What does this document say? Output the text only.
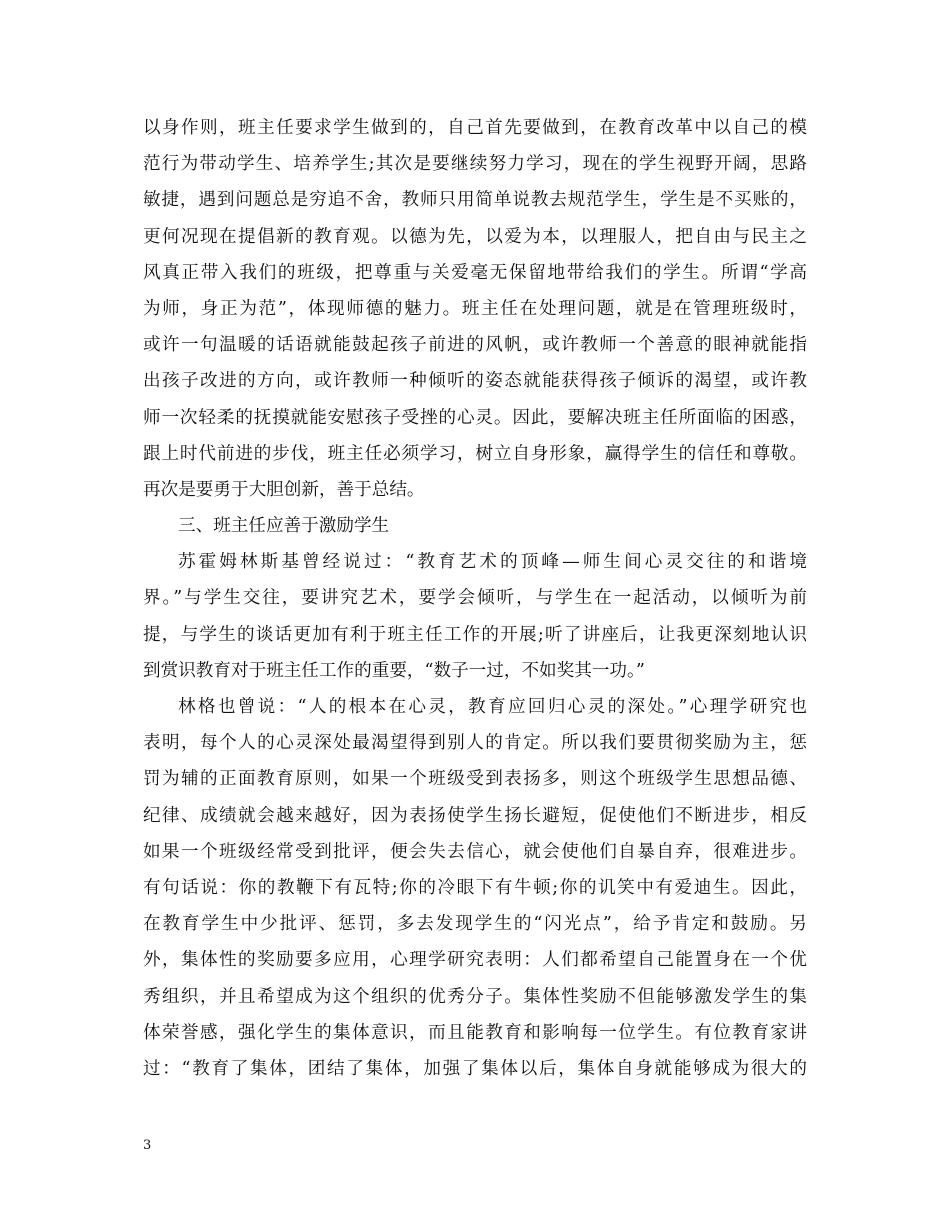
以身作则，班主任要求学生做到的，自己首先要做到，在教育改革中以自己的模
范行为带动学生、培养学生;其次是要继续努力学习，现在的学生视野开阔，思路
敏捷，遇到问题总是穷追不舍，教师只用简单说教去规范学生，学生是不买账的，
更何况现在提倡新的教育观。以德为先，以爱为本，以理服人，把自由与民主之
风真正带入我们的班级，把尊重与关爱毫无保留地带给我们的学生。所谓“学高
为师，身正为范”，体现师德的魅力。班主任在处理问题，就是在管理班级时，
或许一句温暖的话语就能鼓起孩子前进的风帆，或许教师一个善意的眼神就能指
出孩子改进的方向，或许教师一种倾听的姿态就能获得孩子倾诉的渴望，或许教
师一次轻柔的抚摸就能安慰孩子受挫的心灵。因此，要解决班主任所面临的困惑，
跟上时代前进的步伐，班主任必须学习，树立自身形象，赢得学生的信任和尊敬。
再次是要勇于大胆创新，善于总结。
三、班主任应善于激励学生
苏霍姆林斯基曾经说过：“教育艺术的顶峰—师生间心灵交往的和谐境
界。”与学生交往，要讲究艺术，要学会倾听，与学生在一起活动，以倾听为前
提，与学生的谈话更加有利于班主任工作的开展;听了讲座后，让我更深刻地认识
到赏识教育对于班主任工作的重要，“数子一过，不如奖其一功。”
林格也曾说：“人的根本在心灵，教育应回归心灵的深处。”心理学研究也
表明，每个人的心灵深处最渴望得到别人的肯定。所以我们要贯彻奖励为主，惩
罚为辅的正面教育原则，如果一个班级受到表扬多，则这个班级学生思想品德、
纪律、成绩就会越来越好，因为表扬使学生扬长避短，促使他们不断进步，相反
如果一个班级经常受到批评，便会失去信心，就会使他们自暴自弃，很难进步。
有句话说：你的教鞭下有瓦特;你的冷眼下有牛顿;你的讥笑中有爱迪生。因此，
在教育学生中少批评、惩罚，多去发现学生的“闪光点”，给予肯定和鼓励。另
外，集体性的奖励要多应用，心理学研究表明：人们都希望自己能置身在一个优
秀组织，并且希望成为这个组织的优秀分子。集体性奖励不但能够激发学生的集
体荣誉感，强化学生的集体意识，而且能教育和影响每一位学生。有位教育家讲
过：“教育了集体，团结了集体，加强了集体以后，集体自身就能够成为很大的
3
